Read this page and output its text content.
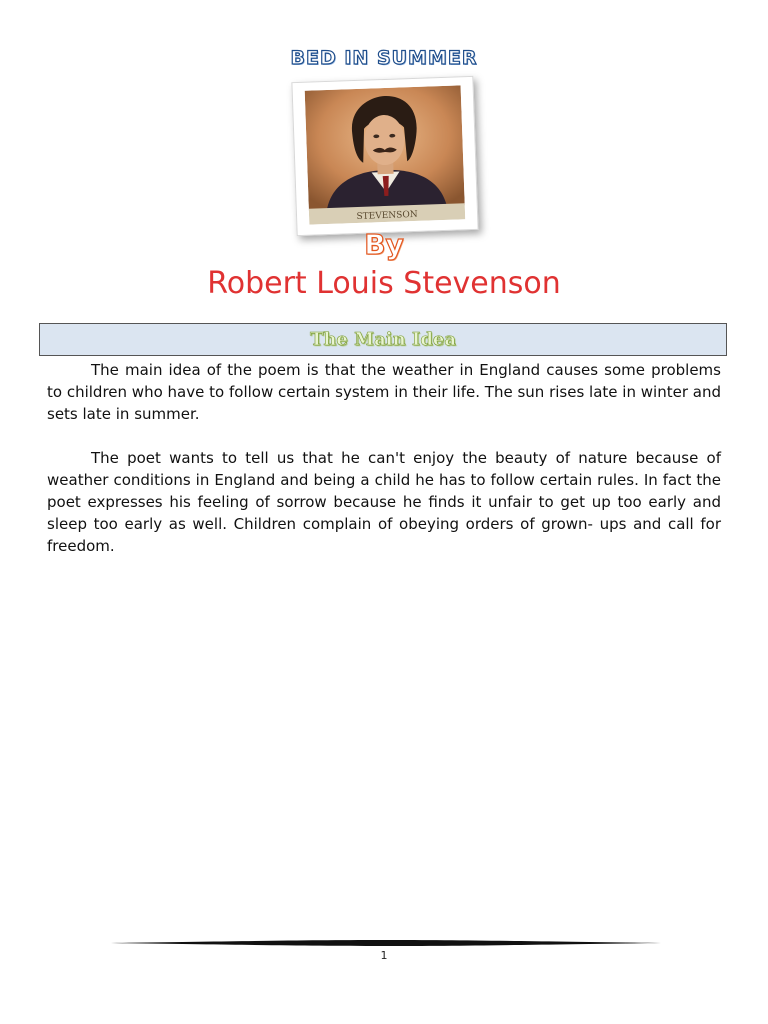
BED IN SUMMER
STEVENSON
By
Robert Louis Stevenson
The Main Idea

The main idea of the poem is that the weather in England causes some problems to children who have to follow certain system in their life. The sun rises late in winter and sets late in summer.

The poet wants to tell us that he can't enjoy the beauty of nature because of weather conditions in England and being a child he has to follow certain rules. In fact the poet expresses his feeling of sorrow because he finds it unfair to get up too early and sleep too early as well. Children complain of obeying orders of grown- ups and call for freedom.

1
